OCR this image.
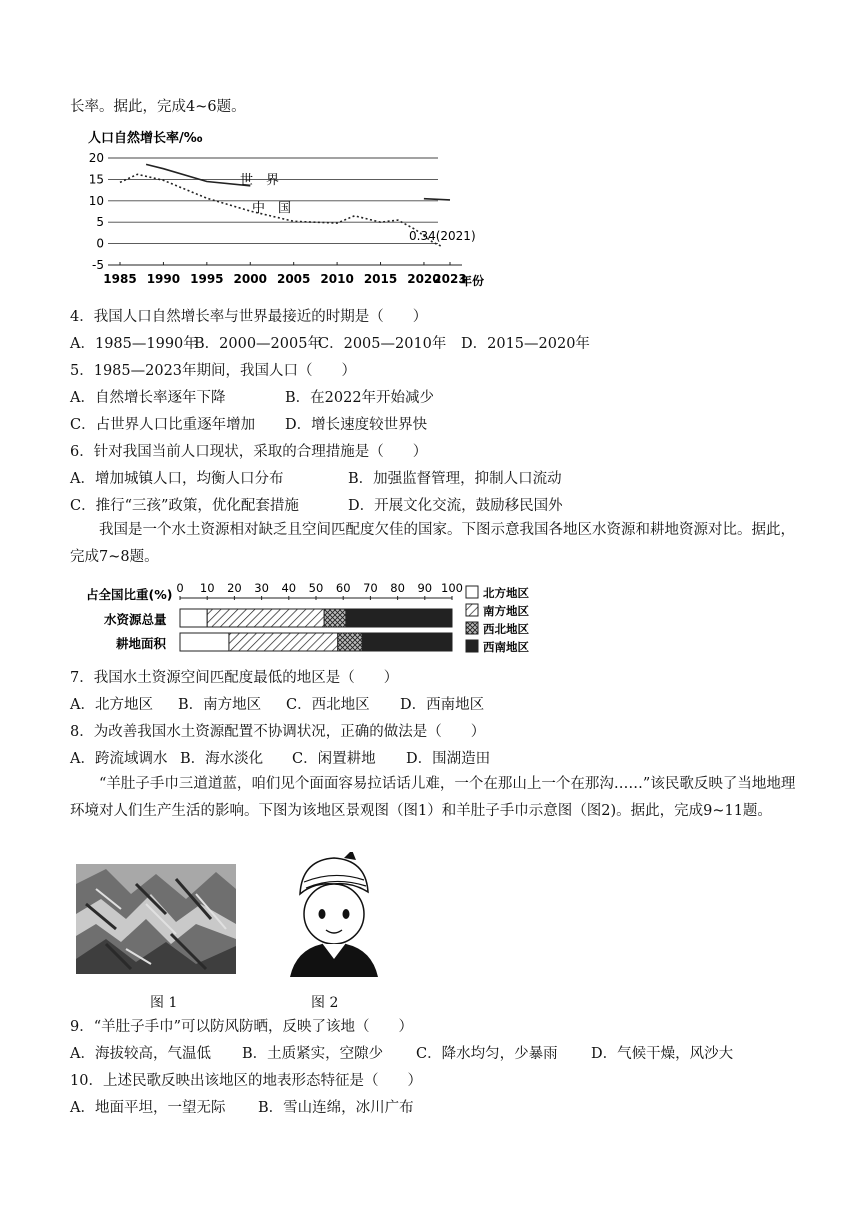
长率。据此，完成4~6题。
人口自然增长率/‰
20
15
10
5
0
-5
1985 1990 1995 2000 2005 2010 2015 2020
2023
世　界
中　国
0.34(2021)
年份
4．我国人口自然增长率与世界最接近的时期是（　　）
A．1985—1990年B．2000—2005年C．2005—2010年 D．2015—2020年
5．1985—2023年期间，我国人口（　　）
A．自然增长率逐年下降	B．在2022年开始减少
C．占世界人口比重逐年增加 D．增长速度较世界快
6．针对我国当前人口现状，采取的合理措施是（　　）
A．增加城镇人口，均衡人口分布	B．加强监督管理，抑制人口流动
C．推行“三孩”政策，优化配套措施	D．开展文化交流，鼓励移民国外
我国是一个水土资源相对缺乏且空间匹配度欠佳的国家。下图示意我国各地区水资源和耕地资源对比。据此，完成7~8题。
占全国比重(%) 0 10 20 30 40 50 60 70 80 90 100
水资源总量
耕地面积
北方地区
南方地区
西北地区
西南地区
7．我国水土资源空间匹配度最低的地区是（　　）
A．北方地区 B．南方地区 C．西北地区 D．西南地区
8．为改善我国水土资源配置不协调状况，正确的做法是（　　）
A．跨流域调水 B．海水淡化 C．闲置耕地 D．围湖造田
“羊肚子手巾三道道蓝，咱们见个面面容易拉话话儿难，一个在那山上一个在那沟……”该民歌反映了当地地理环境对人们生产生活的影响。下图为该地区景观图（图1）和羊肚子手巾示意图（图2)。据此，完成9~11题。
图 1	图 2
9．“羊肚子手巾”可以防风防晒，反映了该地（　　）
A．海拔较高，气温低 B．土质紧实，空隙少 C．降水均匀，少暴雨 D．气候干燥，风沙大
10．上述民歌反映出该地区的地表形态特征是（　　）
A．地面平坦，一望无际 B．雪山连绵，冰川广布
